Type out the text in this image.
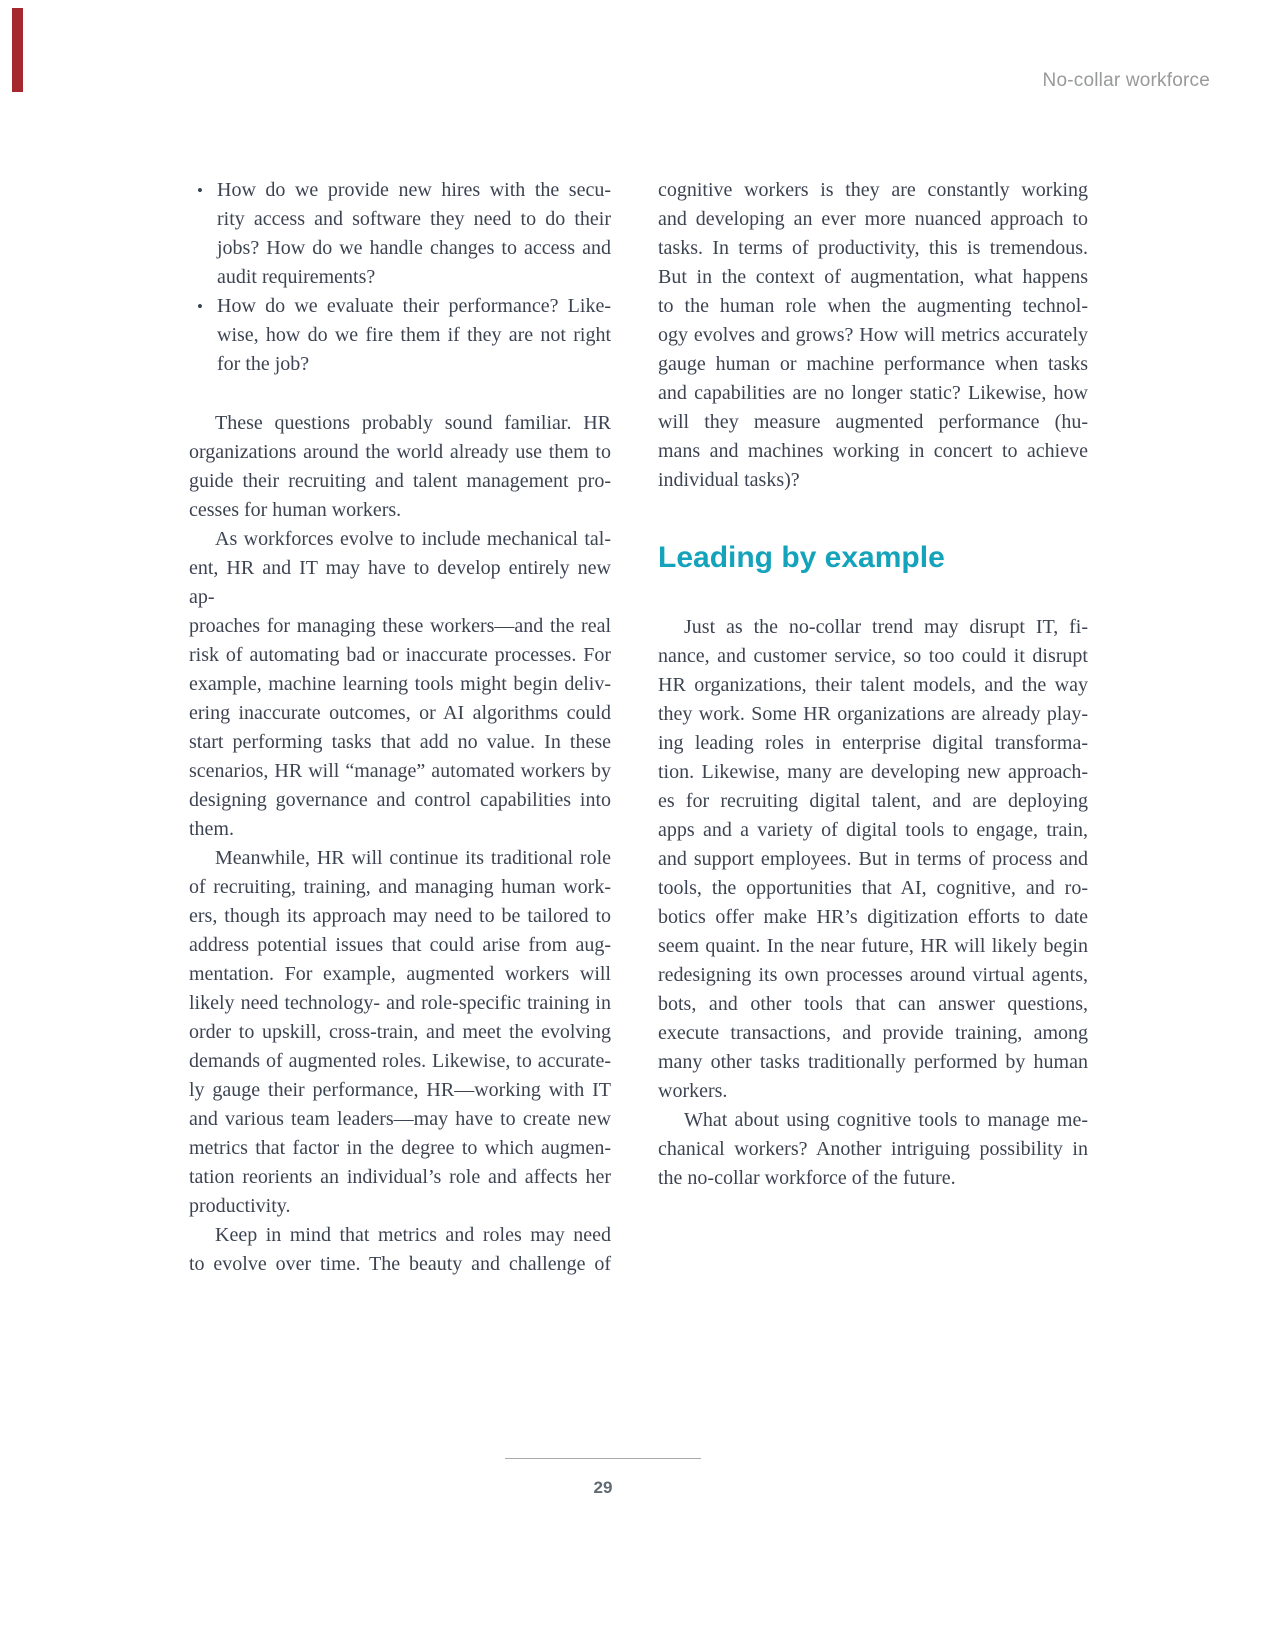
No-collar workforce
• How do we provide new hires with the secu-
rity access and software they need to do their
jobs? How do we handle changes to access and
audit requirements?
• How do we evaluate their performance? Like-
wise, how do we fire them if they are not right
for the job?
These questions probably sound familiar. HR
organizations around the world already use them to
guide their recruiting and talent management pro-
cesses for human workers.
As workforces evolve to include mechanical tal-
ent, HR and IT may have to develop entirely new ap-
proaches for managing these workers—and the real
risk of automating bad or inaccurate processes. For
example, machine learning tools might begin deliv-
ering inaccurate outcomes, or AI algorithms could
start performing tasks that add no value. In these
scenarios, HR will “manage” automated workers by
designing governance and control capabilities into
them.
Meanwhile, HR will continue its traditional role
of recruiting, training, and managing human work-
ers, though its approach may need to be tailored to
address potential issues that could arise from aug-
mentation. For example, augmented workers will
likely need technology- and role-specific training in
order to upskill, cross-train, and meet the evolving
demands of augmented roles. Likewise, to accurate-
ly gauge their performance, HR—working with IT
and various team leaders—may have to create new
metrics that factor in the degree to which augmen-
tation reorients an individual’s role and affects her
productivity.
Keep in mind that metrics and roles may need
to evolve over time. The beauty and challenge of
cognitive workers is they are constantly working
and developing an ever more nuanced approach to
tasks. In terms of productivity, this is tremendous.
But in the context of augmentation, what happens
to the human role when the augmenting technol-
ogy evolves and grows? How will metrics accurately
gauge human or machine performance when tasks
and capabilities are no longer static? Likewise, how
will they measure augmented performance (hu-
mans and machines working in concert to achieve
individual tasks)?
Leading by example
Just as the no-collar trend may disrupt IT, fi-
nance, and customer service, so too could it disrupt
HR organizations, their talent models, and the way
they work. Some HR organizations are already play-
ing leading roles in enterprise digital transforma-
tion. Likewise, many are developing new approach-
es for recruiting digital talent, and are deploying
apps and a variety of digital tools to engage, train,
and support employees. But in terms of process and
tools, the opportunities that AI, cognitive, and ro-
botics offer make HR’s digitization efforts to date
seem quaint. In the near future, HR will likely begin
redesigning its own processes around virtual agents,
bots, and other tools that can answer questions,
execute transactions, and provide training, among
many other tasks traditionally performed by human
workers.
What about using cognitive tools to manage me-
chanical workers? Another intriguing possibility in
the no-collar workforce of the future.
29
